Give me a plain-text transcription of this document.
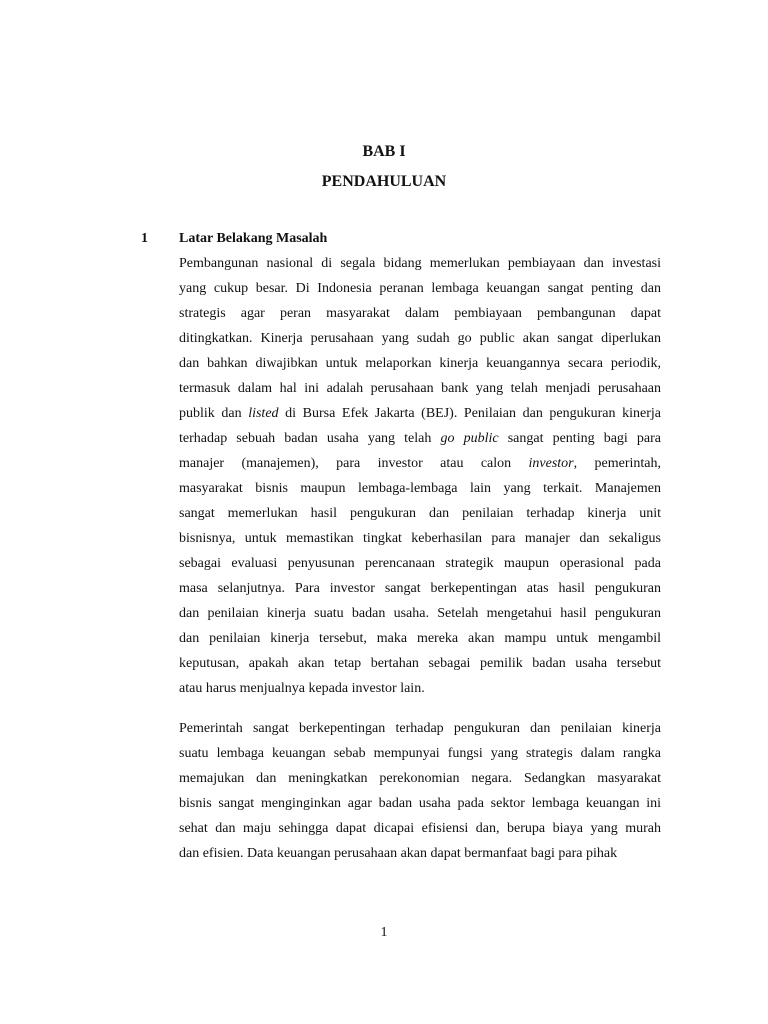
BAB I

PENDAHULUAN

1 Latar Belakang Masalah
Pembangunan nasional di segala bidang memerlukan pembiayaan dan investasi
yang cukup besar. Di Indonesia peranan lembaga keuangan sangat penting dan
strategis agar peran masyarakat dalam pembiayaan pembangunan dapat
ditingkatkan. Kinerja perusahaan yang sudah go public akan sangat diperlukan
dan bahkan diwajibkan untuk melaporkan kinerja keuangannya secara periodik,
termasuk dalam hal ini adalah perusahaan bank yang telah menjadi perusahaan
publik dan listed di Bursa Efek Jakarta (BEJ). Penilaian dan pengukuran kinerja
terhadap sebuah badan usaha yang telah go public sangat penting bagi para
manajer (manajemen), para investor atau calon investor, pemerintah,
masyarakat bisnis maupun lembaga-lembaga lain yang terkait. Manajemen
sangat memerlukan hasil pengukuran dan penilaian terhadap kinerja unit
bisnisnya, untuk memastikan tingkat keberhasilan para manajer dan sekaligus
sebagai evaluasi penyusunan perencanaan strategik maupun operasional pada
masa selanjutnya. Para investor sangat berkepentingan atas hasil pengukuran
dan penilaian kinerja suatu badan usaha. Setelah mengetahui hasil pengukuran
dan penilaian kinerja tersebut, maka mereka akan mampu untuk mengambil
keputusan, apakah akan tetap bertahan sebagai pemilik badan usaha tersebut
atau harus menjualnya kepada investor lain.
Pemerintah sangat berkepentingan terhadap pengukuran dan penilaian kinerja
suatu lembaga keuangan sebab mempunyai fungsi yang strategis dalam rangka
memajukan dan meningkatkan perekonomian negara. Sedangkan masyarakat
bisnis sangat menginginkan agar badan usaha pada sektor lembaga keuangan ini
sehat dan maju sehingga dapat dicapai efisiensi dan, berupa biaya yang murah
dan efisien. Data keuangan perusahaan akan dapat bermanfaat bagi para pihak
1
